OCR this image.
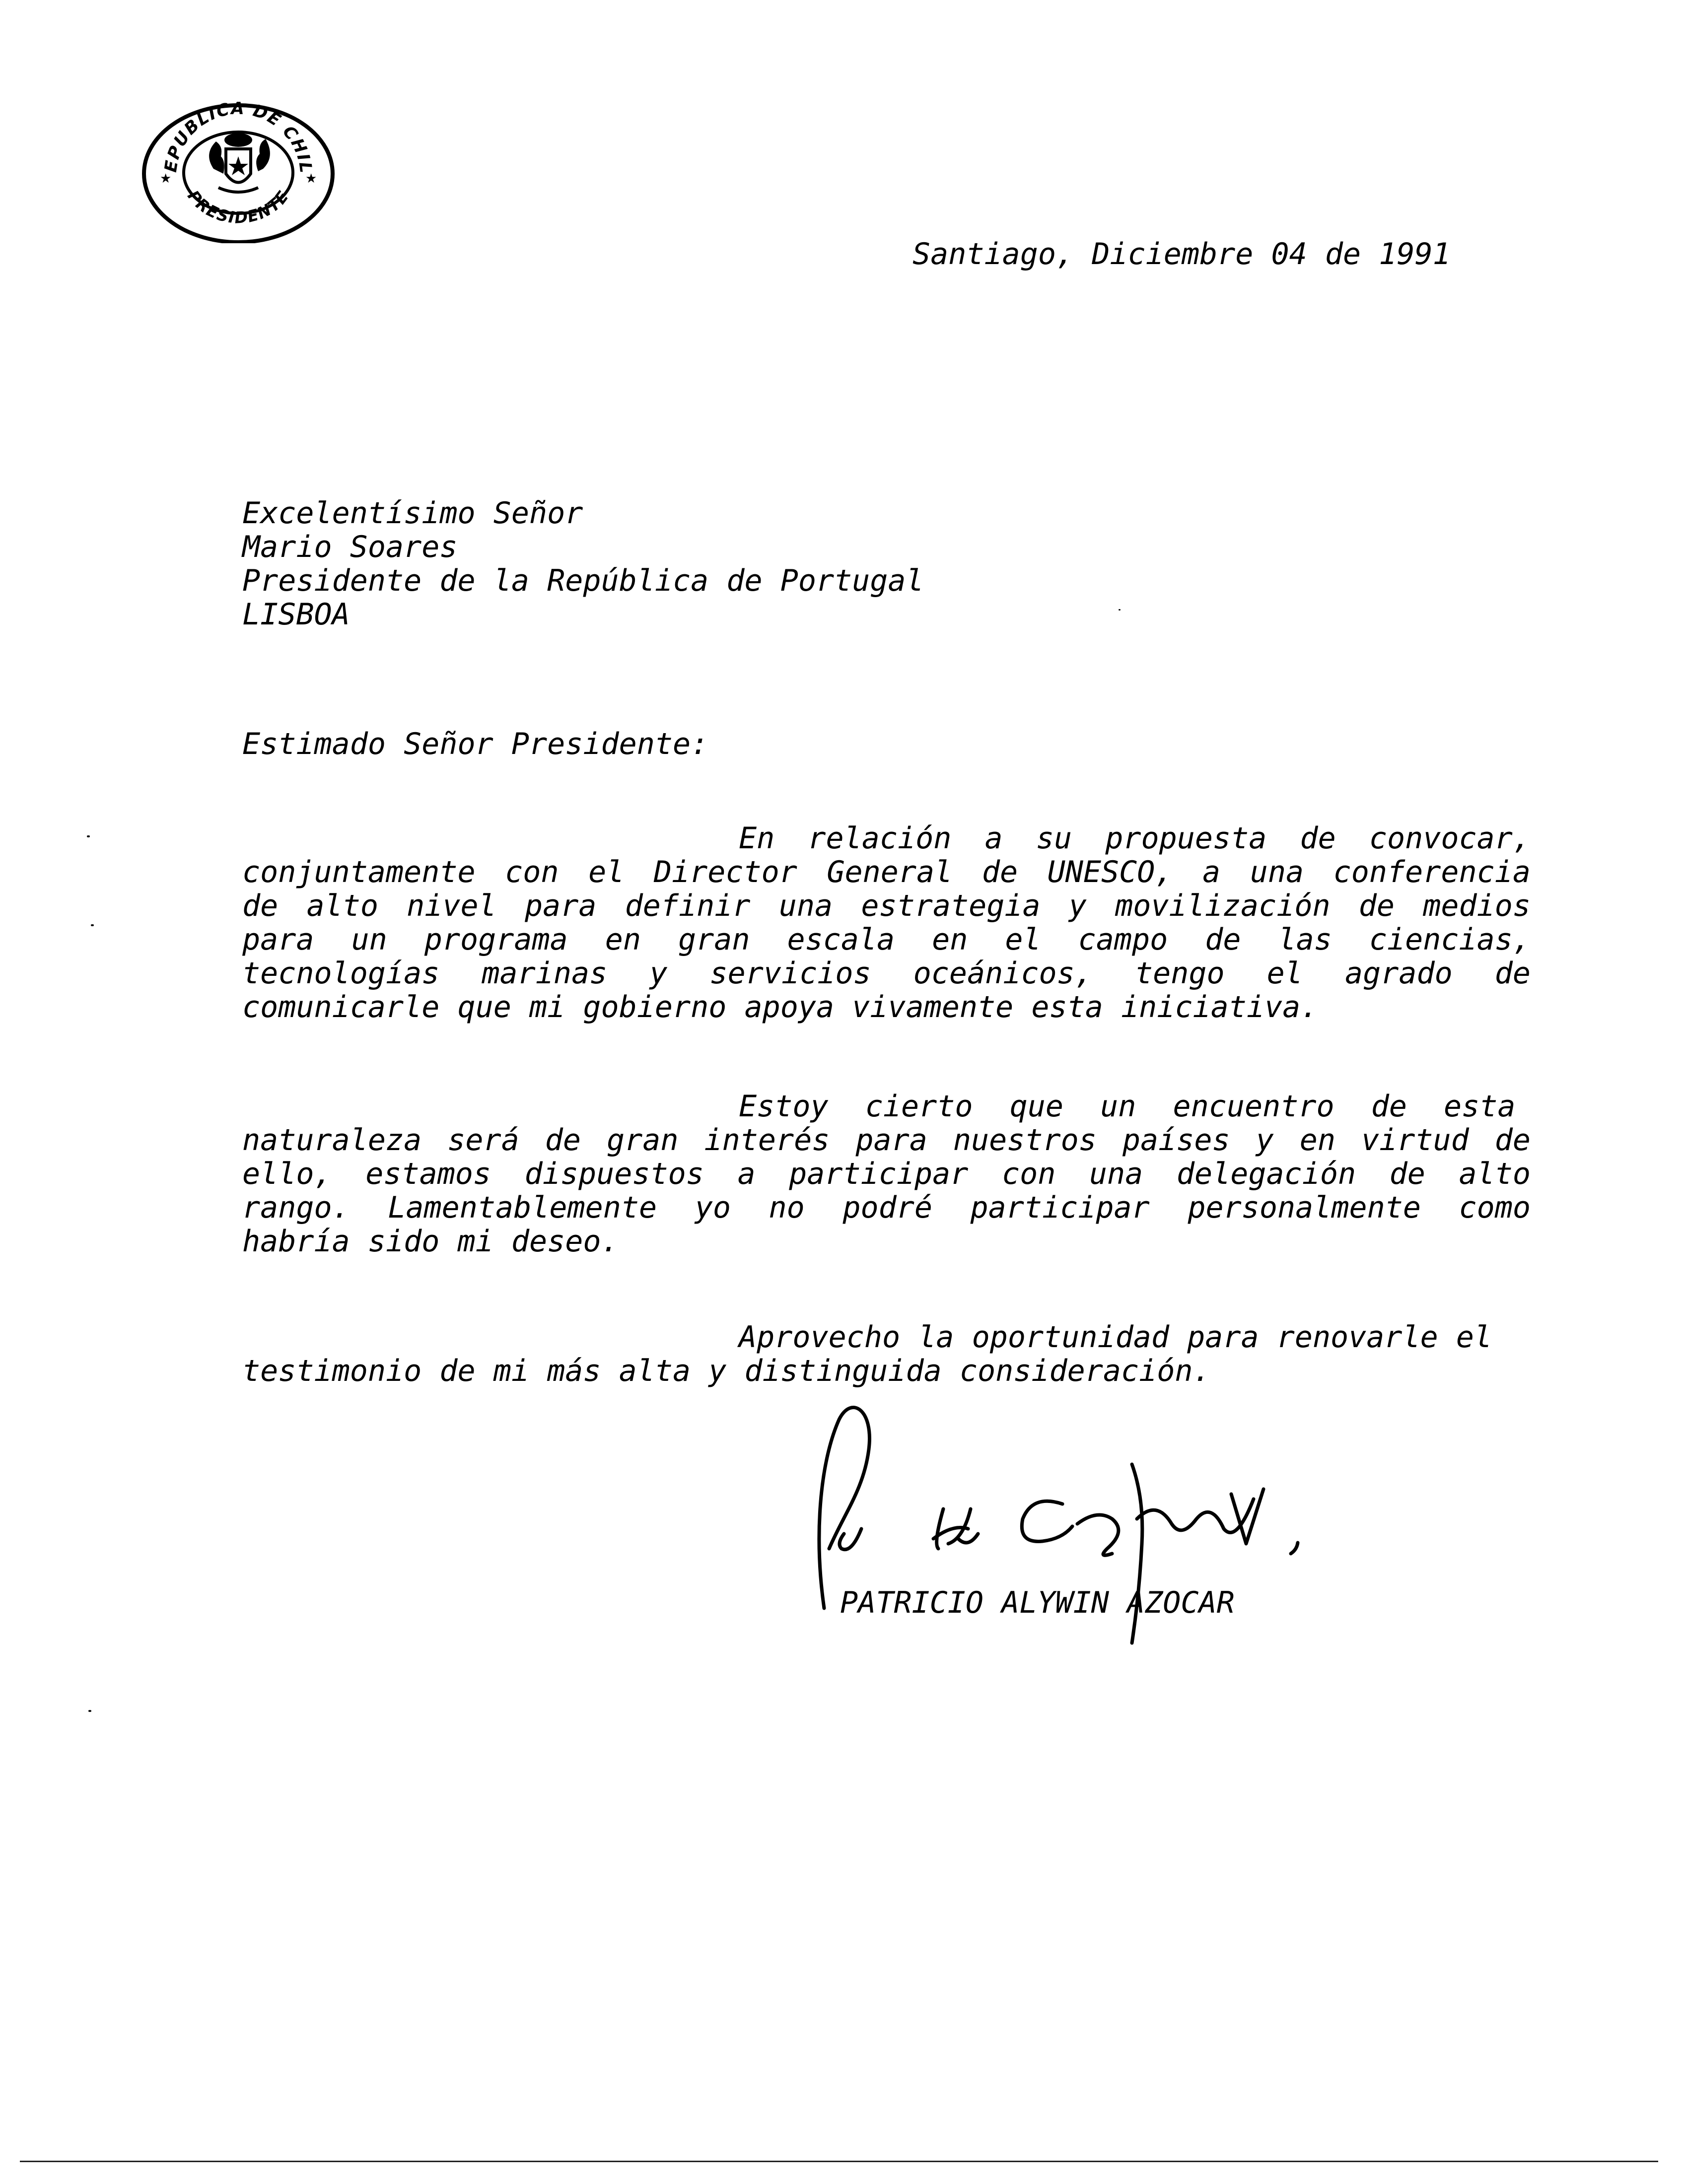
EPUBLICA DE CHIL
PRESIDENTE
★	★
Santiago, Diciembre 04 de 1991
Excelentísimo Señor
Mario Soares
Presidente de la República de Portugal
LISBOA
Estimado Señor Presidente:
En relación a su propuesta de convocar,
conjuntamente con el Director General de UNESCO, a una conferencia
de alto nivel para definir una estrategia y movilización de medios
para un programa en gran escala en el campo de las ciencias,
tecnologías marinas y servicios oceánicos, tengo el agrado de
comunicarle que mi gobierno apoya vivamente esta iniciativa.
Estoy cierto que un encuentro de esta
naturaleza será de gran interés para nuestros países y en virtud de
ello, estamos dispuestos a participar con una delegación de alto
rango. Lamentablemente yo no podré participar personalmente como
habría sido mi deseo.
Aprovecho la oportunidad para renovarle el
testimonio de mi más alta y distinguida consideración.
PATRICIO ALYWIN AZOCAR
